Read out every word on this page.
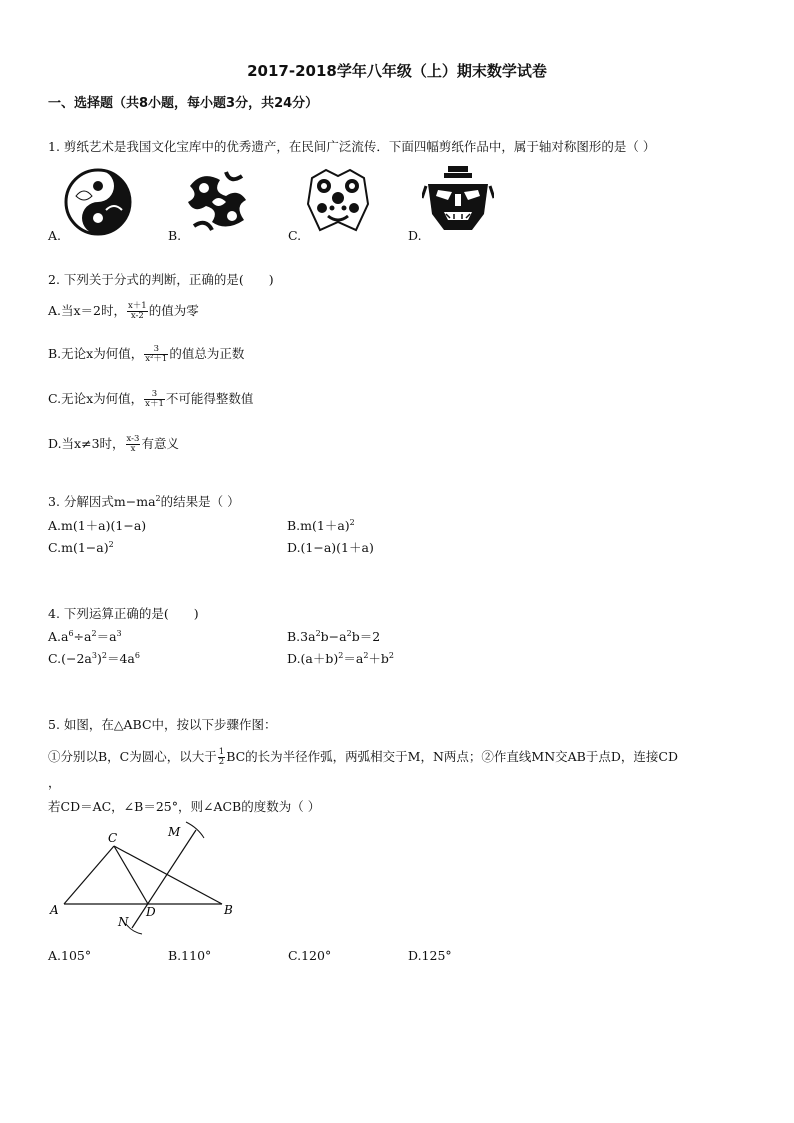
2017-2018学年八年级（上）期末数学试卷
一、选择题（共8小题，每小题3分，共24分）
1. 剪纸艺术是我国文化宝库中的优秀遗产，在民间广泛流传．下面四幅剪纸作品中，属于轴对称图形的是（ ）
A.	B.	C.	D.
2. 下列关于分式的判断，正确的是(　　)
A.当x＝2时， $\frac{x+1}{x-2}$ 的值为零
B.无论x为何值， $\frac{3}{\text{x²＋1}}$ 的值总为正数
C.无论x为何值， $\frac{3}{x+1}$ 不可能得整数值
D.当x≠3时， $\frac{x-3}{x}$ 有意义
3. 分解因式$m-ma^2$的结果是（ ）
A.m(1＋a)(1−a)	$B.m(1+a)^2$
$C.m(1-a)^2$	D.(1−a)(1＋a)
4. 下列运算正确的是(　　)
$A.a^6\div a^2=a^3$	$B.3a^2b-a^2b=2$
$C.(-2a^3)^2=4a^6$	$D.(a+b)^2=a^2+b^2$
5. 如图，在△ABC中，按以下步骤作图：
①分别以B，C为圆心，以大于 $\frac{1}{2}$ BC的长为半径作弧，两弧相交于M，N两点；②作直线MN交AB于点D，连接CD
，
若CD＝AC，∠B＝25°，则∠ACB的度数为（ ）
A	B
C
D
M
N
A.105°	B.110°	C.120°	D.125°
